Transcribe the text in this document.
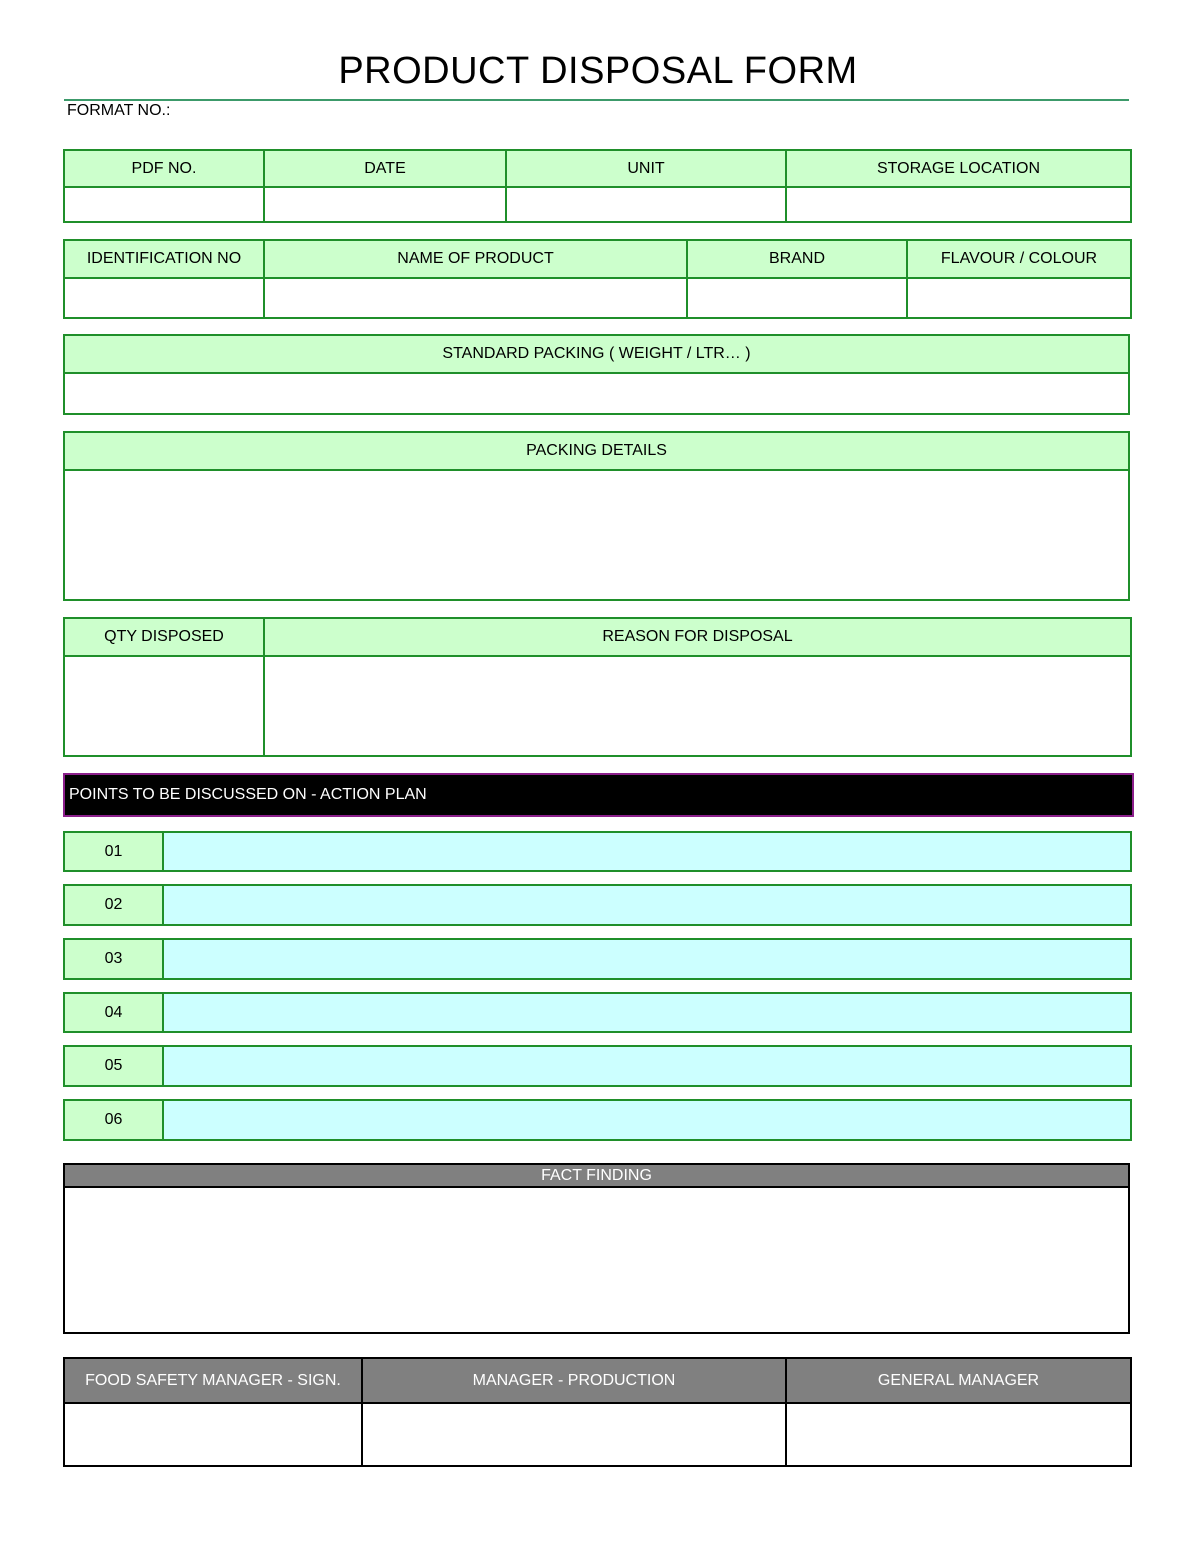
PRODUCT DISPOSAL FORM
FORMAT NO.:
PDF NO.	DATE	UNIT	STORAGE LOCATION

IDENTIFICATION NO	NAME OF PRODUCT	BRAND	FLAVOUR / COLOUR

STANDARD PACKING ( WEIGHT / LTR… )

PACKING DETAILS

QTY DISPOSED	REASON FOR DISPOSAL

POINTS TO BE DISCUSSED ON - ACTION PLAN
01	
02	
03	
04	
05	
06	
FACT FINDING

FOOD SAFETY MANAGER - SIGN.	MANAGER - PRODUCTION	GENERAL MANAGER
